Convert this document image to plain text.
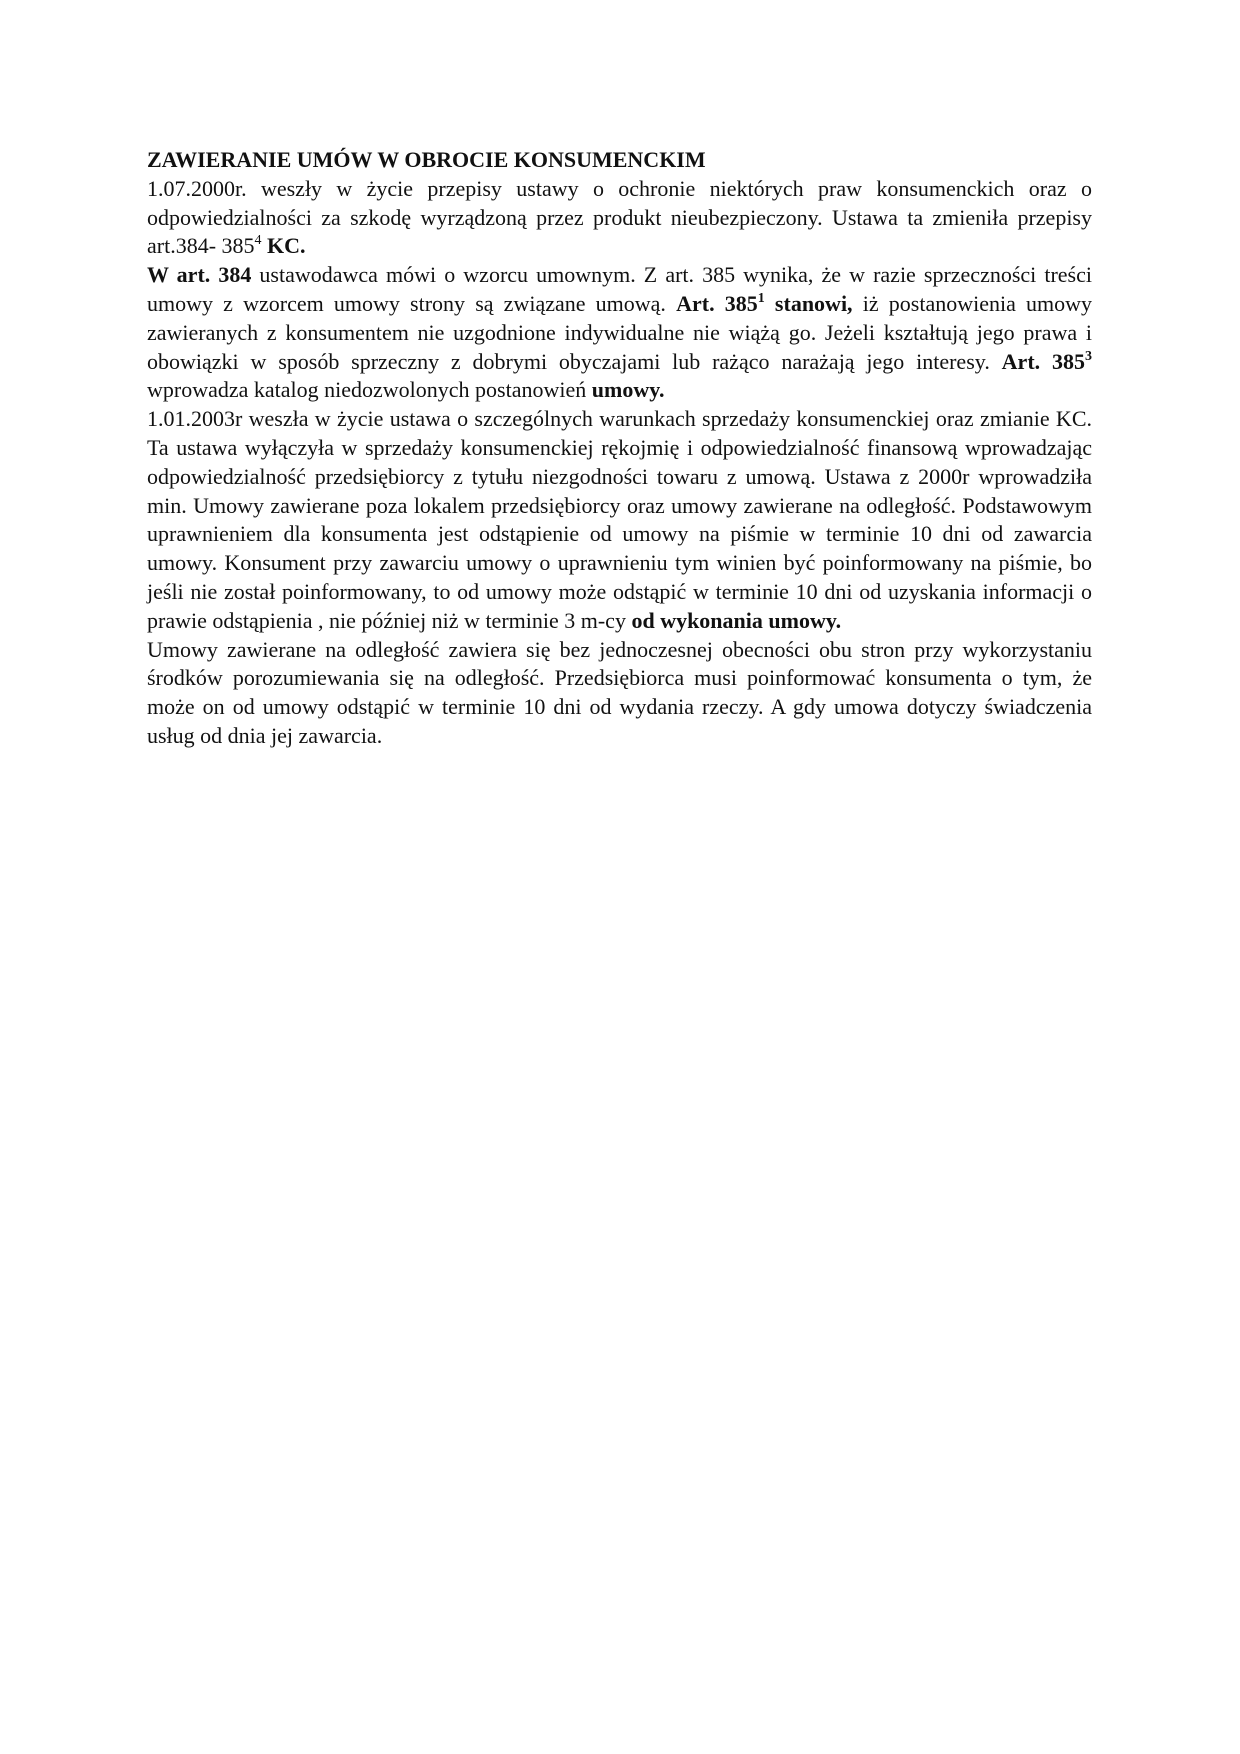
ZAWIERANIE UMÓW W OBROCIE KONSUMENCKIM

1.07.2000r. weszły w życie przepisy ustawy o ochronie niektórych praw konsumenckich oraz o odpowiedzialności za szkodę wyrządzoną przez produkt nieubezpieczony. Ustawa ta zmieniła przepisy art.384- $385^4$ KC.

W art. 384 ustawodawca mówi o wzorcu umownym. Z art. 385 wynika, że w razie sprzeczności treści umowy z wzorcem umowy strony są związane umową. Art. $385^1$ stanowi, iż postanowienia umowy zawieranych z konsumentem nie uzgodnione indywidualne nie wiążą go. Jeżeli kształtują jego prawa i obowiązki w sposób sprzeczny z dobrymi obyczajami lub rażąco narażają jego interesy. Art. $385^3$ wprowadza katalog niedozwolonych postanowień umowy.

1.01.2003r weszła w życie ustawa o szczególnych warunkach sprzedaży konsumenckiej oraz zmianie KC. Ta ustawa wyłączyła w sprzedaży konsumenckiej rękojmię i odpowiedzialność finansową wprowadzając odpowiedzialność przedsiębiorcy z tytułu niezgodności towaru z umową. Ustawa z 2000r wprowadziła min. Umowy zawierane poza lokalem przedsiębiorcy oraz umowy zawierane na odległość. Podstawowym uprawnieniem dla konsumenta jest odstąpienie od umowy na piśmie w terminie 10 dni od zawarcia umowy. Konsument przy zawarciu umowy o uprawnieniu tym winien być poinformowany na piśmie, bo jeśli nie został poinformowany, to od umowy może odstąpić w terminie 10 dni od uzyskania informacji o prawie odstąpienia , nie później niż w terminie 3 m-cy od wykonania umowy.

Umowy zawierane na odległość zawiera się bez jednoczesnej obecności obu stron przy wykorzystaniu środków porozumiewania się na odległość. Przedsiębiorca musi poinformować konsumenta o tym, że może on od umowy odstąpić w terminie 10 dni od wydania rzeczy. A gdy umowa dotyczy świadczenia usług od dnia jej zawarcia.
